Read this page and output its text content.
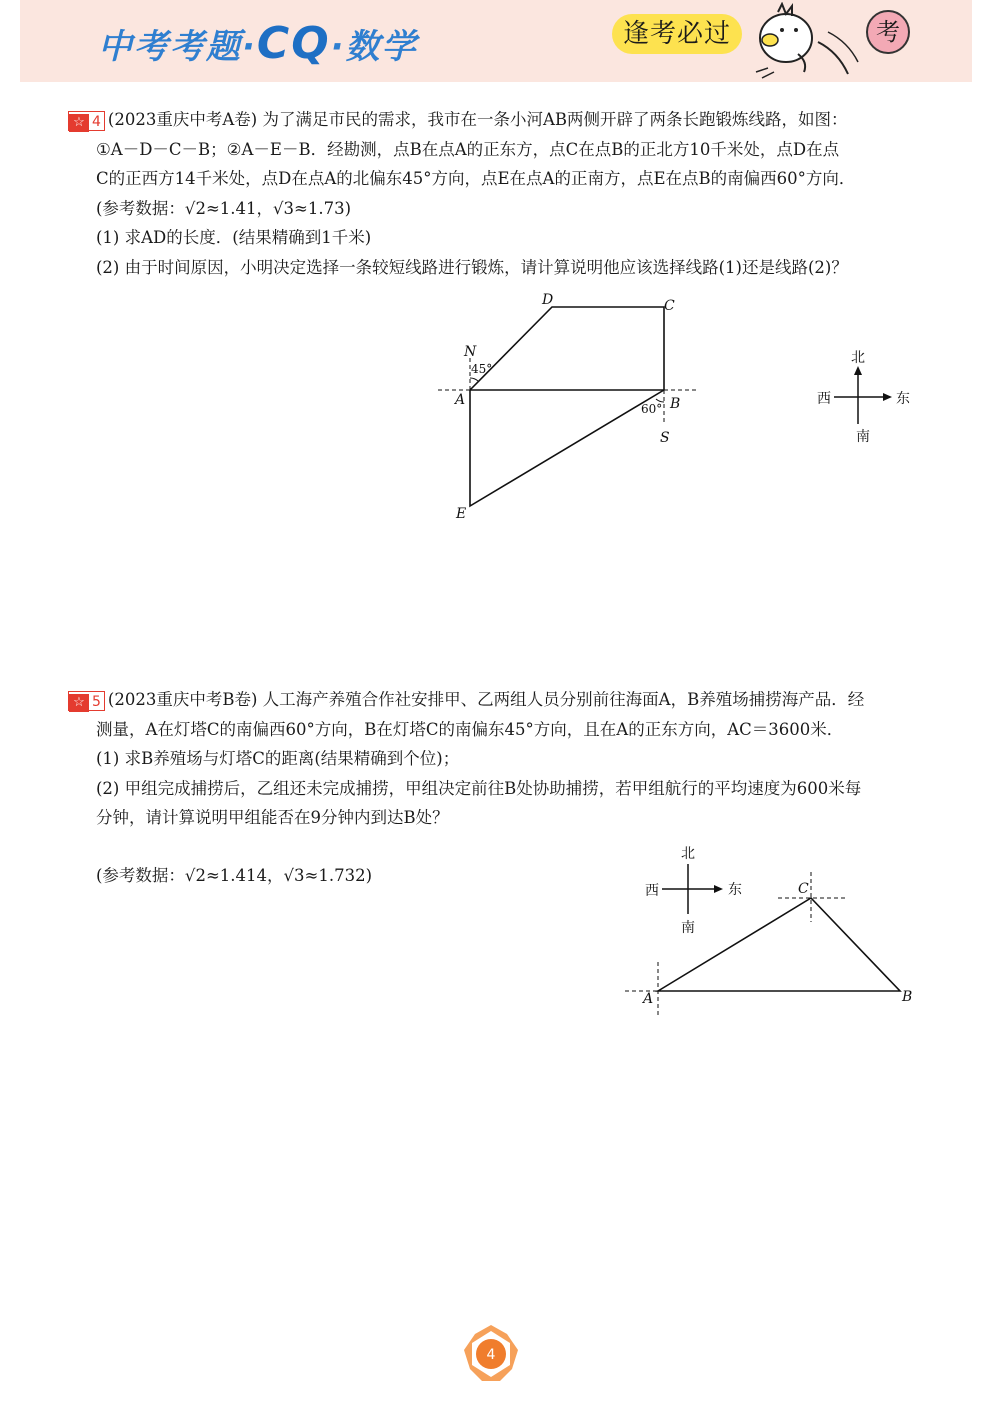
中考考题·CQ·数学	逢考必过	考
☆ 4 (2023重庆中考A卷) 为了满足市民的需求，我市在一条小河AB两侧开辟了两条长跑锻炼线路，如图：
①A－D－C－B；②A－E－B．经勘测，点B在点A的正东方，点C在点B的正北方10千米处，点D在点
C的正西方14千米处，点D在点A的北偏东45°方向，点E在点A的正南方，点E在点B的南偏西60°方向．
(参考数据：√2≈1.41，√3≈1.73)
(1) 求AD的长度．(结果精确到1千米)
(2) 由于时间原因，小明决定选择一条较短线路进行锻炼，请计算说明他应该选择线路(1)还是线路(2)？
D	C
N
A	B
S
E
45°
60°
北
西	东
南
☆ 5 (2023重庆中考B卷) 人工海产养殖合作社安排甲、乙两组人员分别前往海面A，B养殖场捕捞海产品．经
测量，A在灯塔C的南偏西60°方向，B在灯塔C的南偏东45°方向，且在A的正东方向，AC＝3600米．
(1) 求B养殖场与灯塔C的距离(结果精确到个位)；
(2) 甲组完成捕捞后，乙组还未完成捕捞，甲组决定前往B处协助捕捞，若甲组航行的平均速度为600米每
分钟，请计算说明甲组能否在9分钟内到达B处？
(参考数据：√2≈1.414，√3≈1.732)
A	B
C
北
西	东
南
4
